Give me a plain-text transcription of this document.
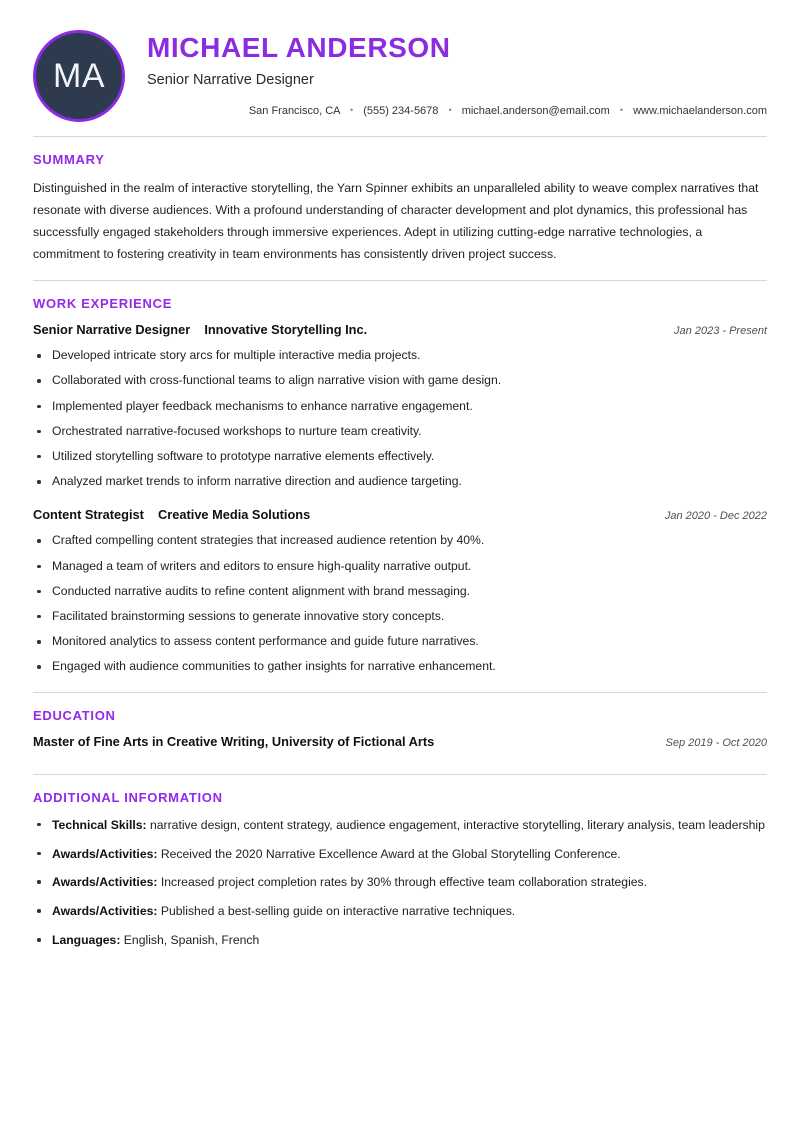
MA
MICHAEL ANDERSON
Senior Narrative Designer
San Francisco, CA • (555) 234-5678 • michael.anderson@email.com • www.michaelanderson.com
SUMMARY

Distinguished in the realm of interactive storytelling, the Yarn Spinner exhibits an unparalleled ability to weave complex narratives that resonate with diverse audiences. With a profound understanding of character development and plot dynamics, this professional has successfully engaged stakeholders through immersive experiences. Adept in utilizing cutting-edge narrative technologies, a commitment to fostering creativity in team environments has consistently driven project success.

WORK EXPERIENCE
Senior Narrative Designer Innovative Storytelling Inc.	Jan 2023 - Present
Developed intricate story arcs for multiple interactive media projects.
Collaborated with cross-functional teams to align narrative vision with game design.
Implemented player feedback mechanisms to enhance narrative engagement.
Orchestrated narrative-focused workshops to nurture team creativity.
Utilized storytelling software to prototype narrative elements effectively.
Analyzed market trends to inform narrative direction and audience targeting.
Content Strategist Creative Media Solutions	Jan 2020 - Dec 2022
Crafted compelling content strategies that increased audience retention by 40%.
Managed a team of writers and editors to ensure high-quality narrative output.
Conducted narrative audits to refine content alignment with brand messaging.
Facilitated brainstorming sessions to generate innovative story concepts.
Monitored analytics to assess content performance and guide future narratives.
Engaged with audience communities to gather insights for narrative enhancement.
EDUCATION
Master of Fine Arts in Creative Writing, University of Fictional Arts	Sep 2019 - Oct 2020
ADDITIONAL INFORMATION
Technical Skills: narrative design, content strategy, audience engagement, interactive storytelling, literary analysis, team leadership
Awards/Activities: Received the 2020 Narrative Excellence Award at the Global Storytelling Conference.
Awards/Activities: Increased project completion rates by 30% through effective team collaboration strategies.
Awards/Activities: Published a best-selling guide on interactive narrative techniques.
Languages: English, Spanish, French
